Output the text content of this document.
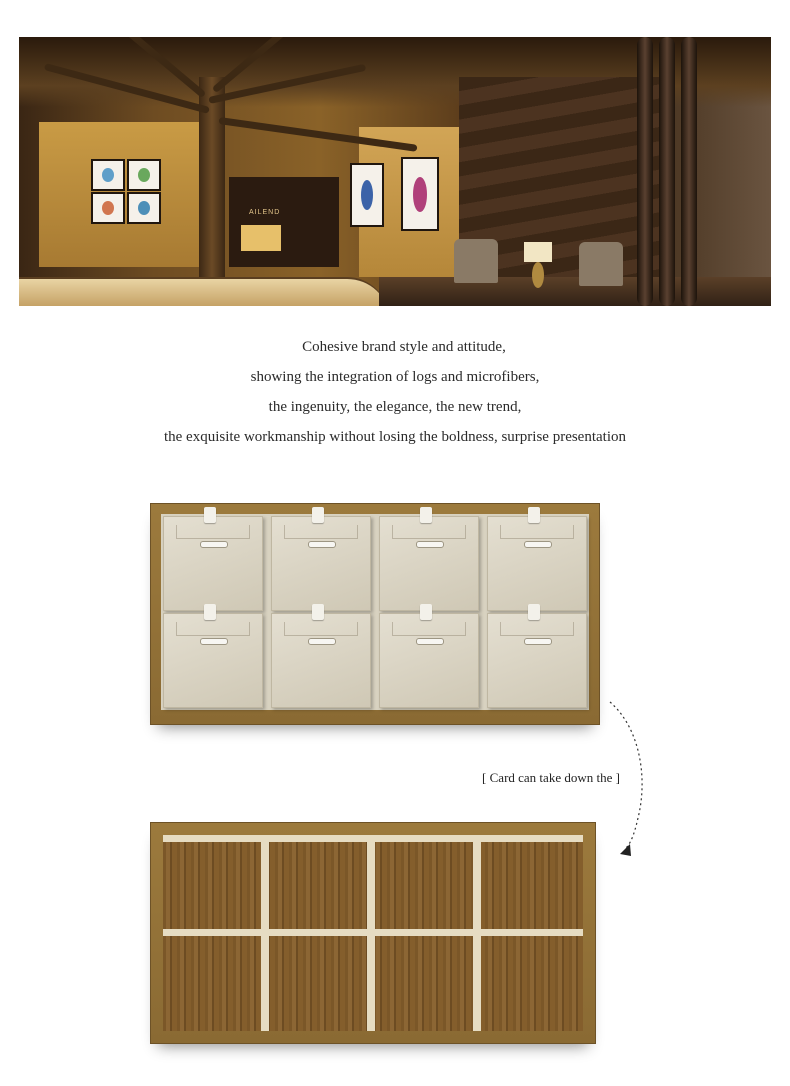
AILEND

Cohesive brand style and attitude,

showing the integration of logs and microfibers,

the ingenuity, the elegance, the new trend,

the exquisite workmanship without losing the boldness, surprise presentation

[ Card can take down the ]
